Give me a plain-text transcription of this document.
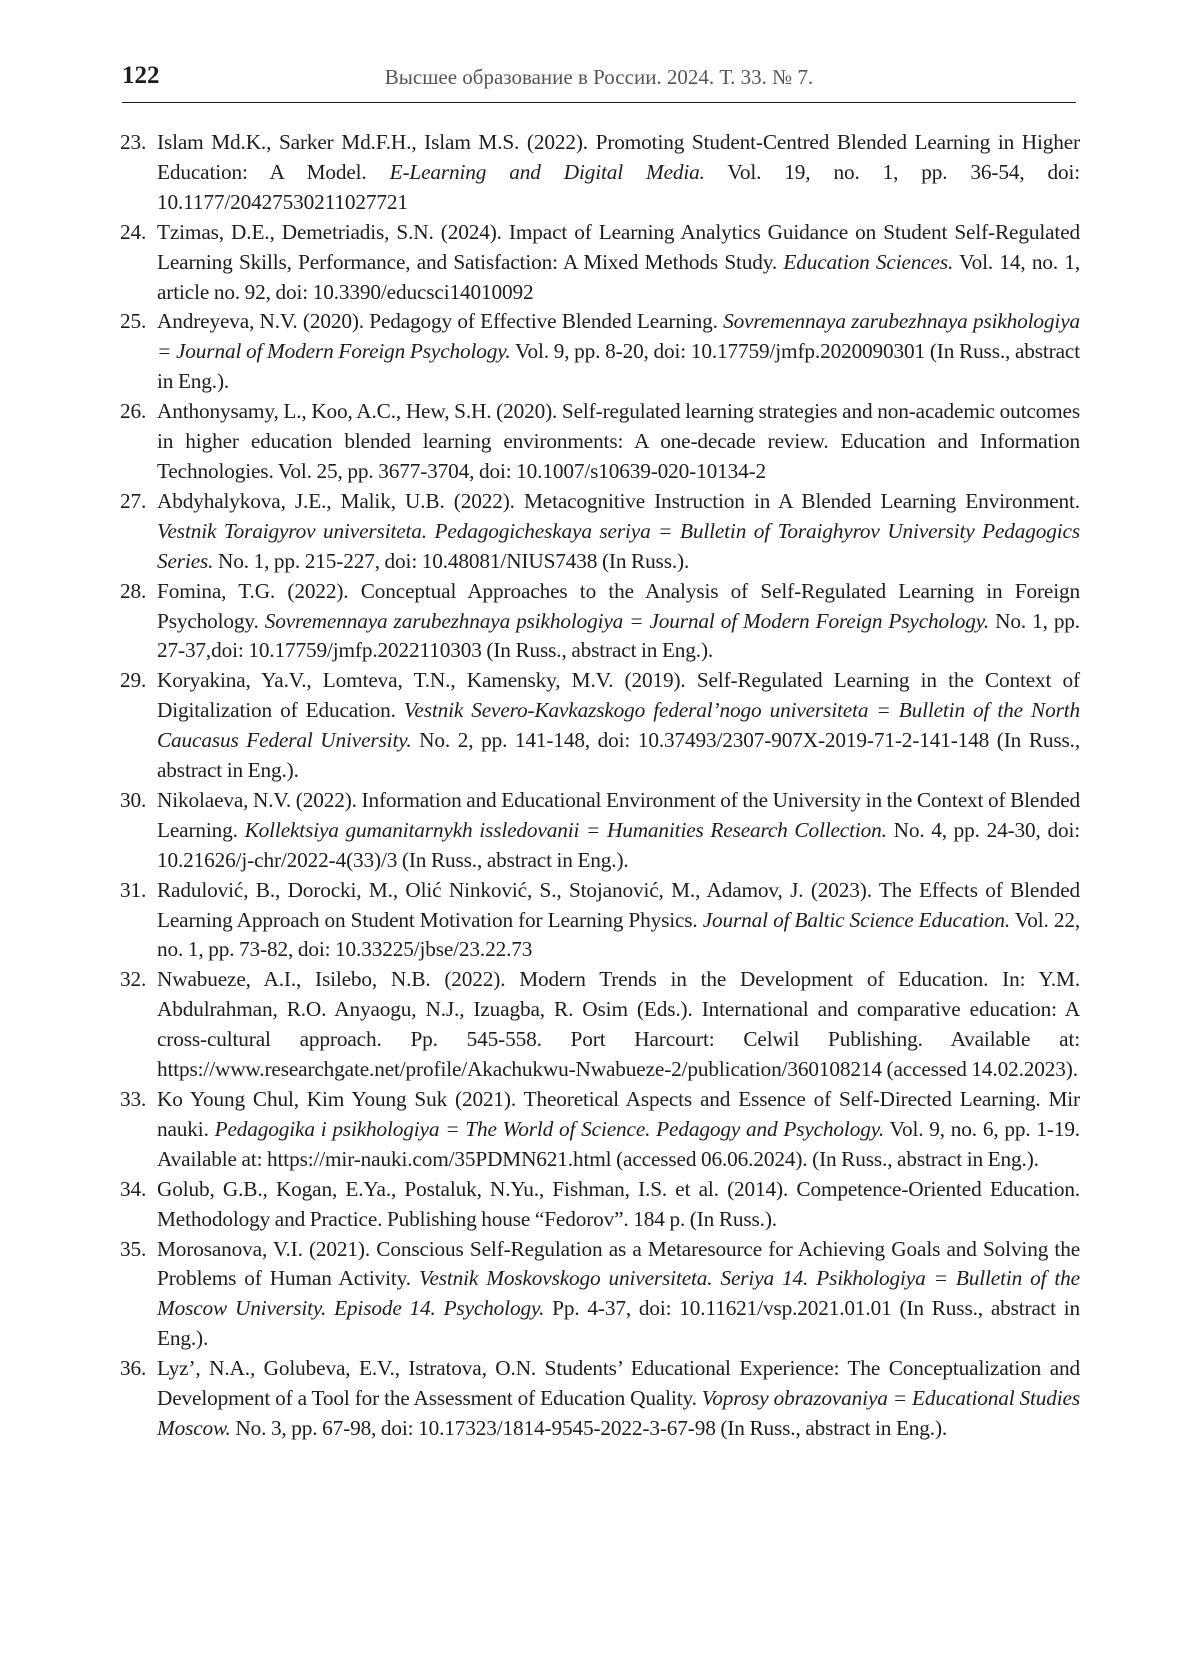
122	Высшее образование в России. 2024. Т. 33. № 7.
23. Islam Md.K., Sarker Md.F.H., Islam M.S. (2022). Promoting Student-Centred Blended Learning in Higher Education: A Model. E-Learning and Digital Media. Vol. 19, no. 1, pp. 36-54, doi: 10.1177/20427530211027721
24. Tzimas, D.E., Demetriadis, S.N. (2024). Impact of Learning Analytics Guidance on Student Self-Regulated Learning Skills, Performance, and Satisfaction: A Mixed Methods Study. Education Sciences. Vol. 14, no. 1, article no. 92, doi: 10.3390/educsci14010092
25. Andreyeva, N.V. (2020). Pedagogy of Effective Blended Learning. Sovremennaya zarubezhnaya psikhologiya = Journal of Modern Foreign Psychology. Vol. 9, pp. 8-20, doi: 10.17759/jmfp.2020090301 (In Russ., abstract in Eng.).
26. Anthonysamy, L., Koo, A.C., Hew, S.H. (2020). Self-regulated learning strategies and non-academic outcomes in higher education blended learning environments: A one-decade review. Education and Information Technologies. Vol. 25, pp. 3677-3704, doi: 10.1007/s10639-020-10134-2
27. Abdyhalykova, J.E., Malik, U.B. (2022). Metacognitive Instruction in A Blended Learning Environment. Vestnik Toraigyrov universiteta. Pedagogicheskaya seriya = Bulletin of Toraighyrov University Pedagogics Series. No. 1, pp. 215-227, doi: 10.48081/NIUS7438 (In Russ.).
28. Fomina, T.G. (2022). Conceptual Approaches to the Analysis of Self-Regulated Learning in Foreign Psychology. Sovremennaya zarubezhnaya psikhologiya = Journal of Modern Foreign Psychology. No. 1, pp. 27-37,doi: 10.17759/jmfp.2022110303 (In Russ., abstract in Eng.).
29. Koryakina, Ya.V., Lomteva, T.N., Kamensky, M.V. (2019). Self-Regulated Learning in the Context of Digitalization of Education. Vestnik Severo-Kavkazskogo federal’nogo universiteta = Bulletin of the North Caucasus Federal University. No. 2, pp. 141-148, doi: 10.37493/2307-907X-2019-71-2-141-148 (In Russ., abstract in Eng.).
30. Nikolaeva, N.V. (2022). Information and Educational Environment of the University in the Context of Blended Learning. Kollektsiya gumanitarnykh issledovanii = Humanities Research Collection. No. 4, pp. 24-30, doi: 10.21626/j-chr/2022-4(33)/3 (In Russ., abstract in Eng.).
31. Radulović, B., Dorocki, M., Olić Ninković, S., Stojanović, M., Adamov, J. (2023). The Effects of Blended Learning Approach on Student Motivation for Learning Physics. Journal of Baltic Science Education. Vol. 22, no. 1, pp. 73-82, doi: 10.33225/jbse/23.22.73
32. Nwabueze, A.I., Isilebo, N.B. (2022). Modern Trends in the Development of Education. In: Y.M. Abdulrahman, R.O. Anyaogu, N.J., Izuagba, R. Osim (Eds.). International and comparative education: A cross-cultural approach. Pp. 545-558. Port Harcourt: Celwil Publishing. Available at: https://www.researchgate.net/profile/Akachukwu-Nwabueze-2/publication/360108214 (accessed 14.02.2023).
33. Ko Young Chul, Kim Young Suk (2021). Theoretical Aspects and Essence of Self-Directed Learning. Mir nauki. Pedagogika i psikhologiya = The World of Science. Pedagogy and Psychology. Vol. 9, no. 6, pp. 1-19. Available at: https://mir-nauki.com/35PDMN621.html (accessed 06.06.2024). (In Russ., abstract in Eng.).
34. Golub, G.B., Kogan, E.Ya., Postaluk, N.Yu., Fishman, I.S. et al. (2014). Competence-Oriented Education. Methodology and Practice. Publishing house “Fedorov”. 184 p. (In Russ.).
35. Morosanova, V.I. (2021). Conscious Self-Regulation as a Metaresource for Achieving Goals and Solving the Problems of Human Activity. Vestnik Moskovskogo universiteta. Seriya 14. Psikhologiya = Bulletin of the Moscow University. Episode 14. Psychology. Pp. 4-37, doi: 10.11621/vsp.2021.01.01 (In Russ., abstract in Eng.).
36. Lyz’, N.A., Golubeva, E.V., Istratova, O.N. Students’ Educational Experience: The Conceptualization and Development of a Tool for the Assessment of Education Quality. Voprosy obrazovaniya = Educational Studies Moscow. No. 3, pp. 67-98, doi: 10.17323/1814-9545-2022-3-67-98 (In Russ., abstract in Eng.).
